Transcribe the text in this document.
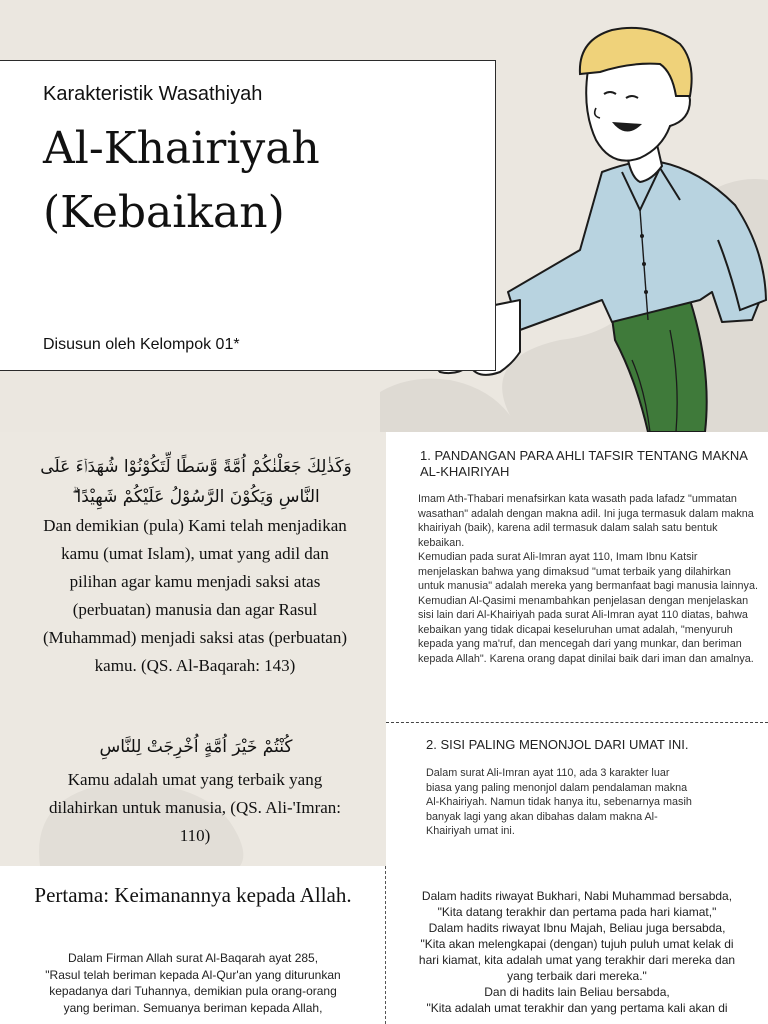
Karakteristik Wasathiyah
Al-Khairiyah
(Kebaikan)
Disusun oleh Kelompok 01*
وَكَذٰلِكَ جَعَلْنٰكُمْ اُمَّةً وَّسَطًا لِّتَكُوْنُوْا شُهَدَاۤءَ عَلَى النَّاسِ وَيَكُوْنَ الرَّسُوْلُ عَلَيْكُمْ شَهِيْدًا ۗ
Dan demikian (pula) Kami telah menjadikan kamu (umat Islam), umat yang adil dan pilihan agar kamu menjadi saksi atas (perbuatan) manusia dan agar Rasul (Muhammad) menjadi saksi atas (perbuatan) kamu. (QS. Al-Baqarah: 143)
كُنْتُمْ خَيْرَ اُمَّةٍ اُخْرِجَتْ لِلنَّاسِ
Kamu adalah umat yang terbaik yang dilahirkan untuk manusia, (QS. Ali-'Imran: 110)
1. PANDANGAN PARA AHLI TAFSIR TENTANG MAKNA AL-KHAIRIYAH
Imam Ath-Thabari menafsirkan kata wasath pada lafadz "ummatan wasathan" adalah dengan makna adil. Ini juga termasuk dalam makna khairiyah (baik), karena adil termasuk dalam salah satu bentuk kebaikan.
Kemudian pada surat Ali-Imran ayat 110, Imam Ibnu Katsir menjelaskan bahwa yang dimaksud "umat terbaik yang dilahirkan untuk manusia" adalah mereka yang bermanfaat bagi manusia lainnya.
Kemudian Al-Qasimi menambahkan penjelasan dengan menjelaskan sisi lain dari Al-Khairiyah pada surat Ali-Imran ayat 110 diatas, bahwa kebaikan yang tidak dicapai keseluruhan umat adalah, "menyuruh kepada yang ma'ruf, dan mencegah dari yang munkar, dan beriman kepada Allah". Karena orang dapat dinilai baik dari iman dan amalnya.
2. SISI PALING MENONJOL DARI UMAT INI.
Dalam surat Ali-Imran ayat 110, ada 3 karakter luar biasa yang paling menonjol dalam pendalaman makna Al-Khairiyah. Namun tidak hanya itu, sebenarnya masih banyak lagi yang akan dibahas dalam makna Al-Khairiyah umat ini.
Pertama: Keimanannya kepada Allah.
Dalam Firman Allah surat Al-Baqarah ayat 285,
"Rasul telah beriman kepada Al-Qur'an yang diturunkan
kepadanya dari Tuhannya, demikian pula orang-orang
yang beriman. Semuanya beriman kepada Allah,
Dalam hadits riwayat Bukhari, Nabi Muhammad bersabda,
"Kita datang terakhir dan pertama pada hari kiamat,"
Dalam hadits riwayat Ibnu Majah, Beliau juga bersabda,
"Kita akan melengkapai (dengan) tujuh puluh umat kelak di
hari kiamat, kita adalah umat yang terakhir dari mereka dan
yang terbaik dari mereka."
Dan di hadits lain Beliau bersabda,
"Kita adalah umat terakhir dan yang pertama kali akan di
